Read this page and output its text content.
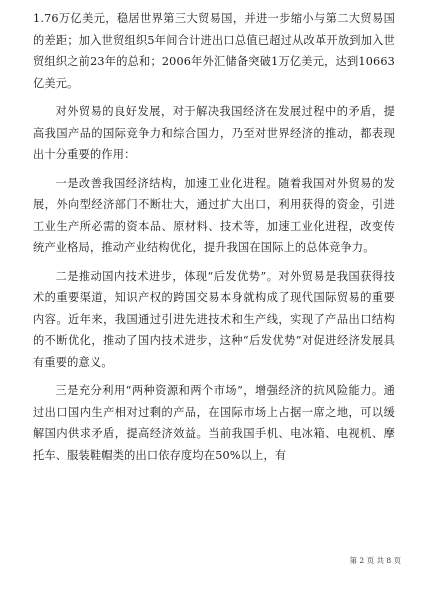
1.76万亿美元，稳居世界第三大贸易国，并进一步缩小与第二大贸易国的差距；加入世贸组织5年间合计进出口总值已超过从改革开放到加入世贸组织之前23年的总和；2006年外汇储备突破1万亿美元，达到10663亿美元。

对外贸易的良好发展，对于解决我国经济在发展过程中的矛盾，提高我国产品的国际竞争力和综合国力，乃至对世界经济的推动，都表现出十分重要的作用：

一是改善我国经济结构，加速工业化进程。随着我国对外贸易的发展，外向型经济部门不断壮大，通过扩大出口，利用获得的资金，引进工业生产所必需的资本品、原材料、技术等，加速工业化进程，改变传统产业格局，推动产业结构优化，提升我国在国际上的总体竞争力。

二是推动国内技术进步，体现“后发优势”。对外贸易是我国获得技术的重要渠道，知识产权的跨国交易本身就构成了现代国际贸易的重要内容。近年来，我国通过引进先进技术和生产线，实现了产品出口结构的不断优化，推动了国内技术进步，这种“后发优势”对促进经济发展具有重要的意义。

三是充分利用“两种资源和两个市场”，增强经济的抗风险能力。通过出口国内生产相对过剩的产品，在国际市场上占据一席之地，可以缓解国内供求矛盾，提高经济效益。当前我国手机、电冰箱、电视机、摩托车、服装鞋帽类的出口依存度均在50%以上，有

第 2 页 共 8 页
